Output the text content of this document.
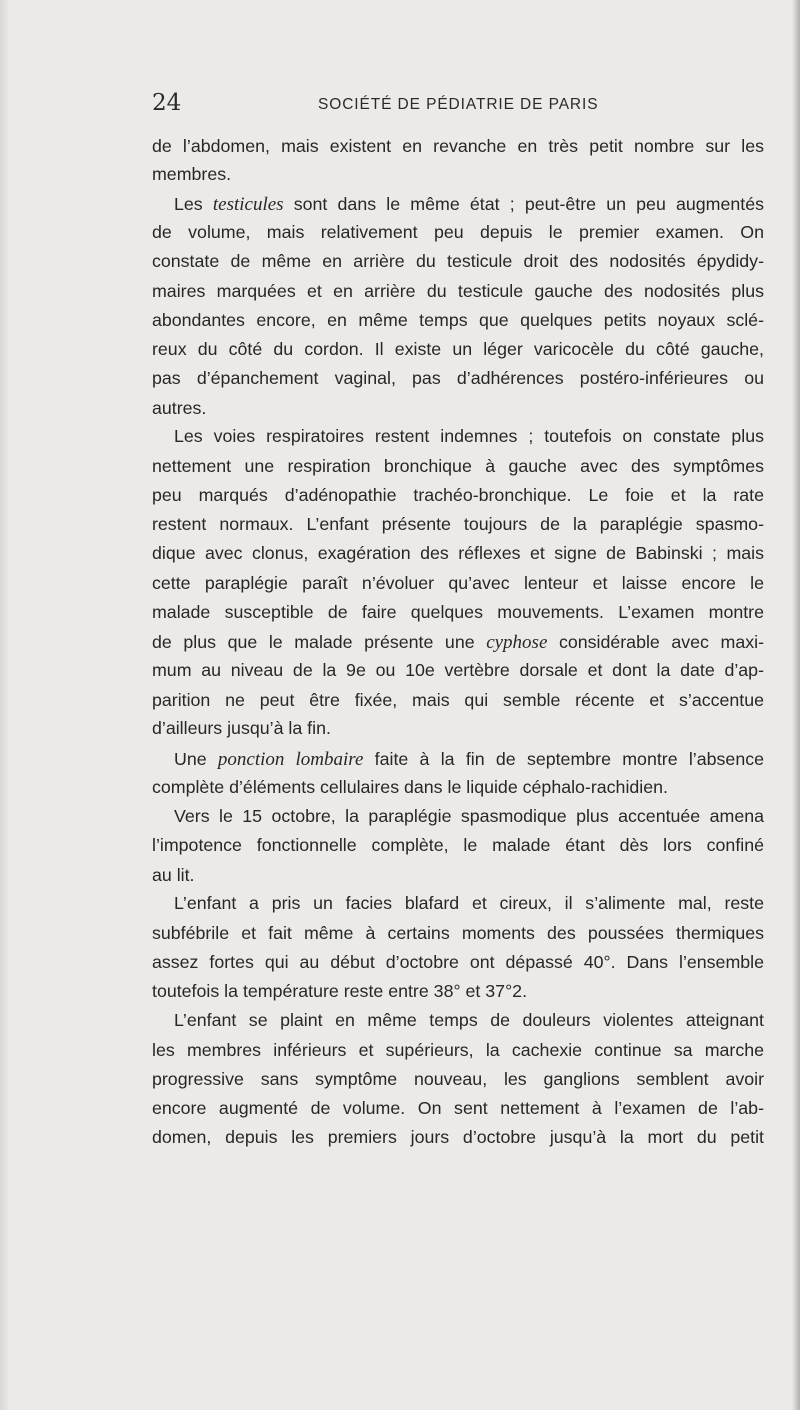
24	SOCIÉTÉ DE PÉDIATRIE DE PARIS
de l’abdomen, mais existent en revanche en très petit nombre sur les
membres.
Les testicules sont dans le même état ; peut-être un peu augmentés
de volume, mais relativement peu depuis le premier examen. On
constate de même en arrière du testicule droit des nodosités épydidy-
maires marquées et en arrière du testicule gauche des nodosités plus
abondantes encore, en même temps que quelques petits noyaux sclé-
reux du côté du cordon. Il existe un léger varicocèle du côté gauche,
pas d’épanchement vaginal, pas d’adhérences postéro-inférieures ou
autres.
Les voies respiratoires restent indemnes ; toutefois on constate plus
nettement une respiration bronchique à gauche avec des symptômes
peu marqués d’adénopathie trachéo-bronchique. Le foie et la rate
restent normaux. L’enfant présente toujours de la paraplégie spasmo-
dique avec clonus, exagération des réflexes et signe de Babinski ; mais
cette paraplégie paraît n’évoluer qu’avec lenteur et laisse encore le
malade susceptible de faire quelques mouvements. L’examen montre
de plus que le malade présente une cyphose considérable avec maxi-
mum au niveau de la 9e ou 10e vertèbre dorsale et dont la date d’ap-
parition ne peut être fixée, mais qui semble récente et s’accentue
d’ailleurs jusqu’à la fin.
Une ponction lombaire faite à la fin de septembre montre l’absence
complète d’éléments cellulaires dans le liquide céphalo-rachidien.
Vers le 15 octobre, la paraplégie spasmodique plus accentuée amena
l’impotence fonctionnelle complète, le malade étant dès lors confiné
au lit.
L’enfant a pris un facies blafard et cireux, il s’alimente mal, reste
subfébrile et fait même à certains moments des poussées thermiques
assez fortes qui au début d’octobre ont dépassé 40°. Dans l’ensemble
toutefois la température reste entre 38° et 37°2.
L’enfant se plaint en même temps de douleurs violentes atteignant
les membres inférieurs et supérieurs, la cachexie continue sa marche
progressive sans symptôme nouveau, les ganglions semblent avoir
encore augmenté de volume. On sent nettement à l’examen de l’ab-
domen, depuis les premiers jours d’octobre jusqu’à la mort du petit
